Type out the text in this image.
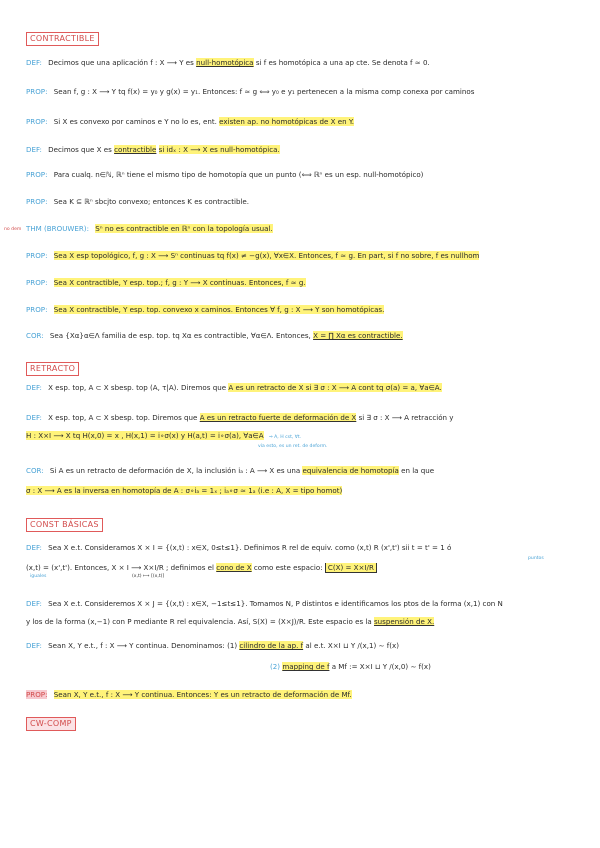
CONTRACTIBLE
DEF: Decimos que una aplicación f : X ⟶ Y es null-homotópica si f es homotópica a una ap cte. Se denota f ≃ 0.
PROP: Sean f, g : X ⟶ Y tq f(x) = y₀ y g(x) = y₁. Entonces: f ≃ g ⟺ y₀ e y₁ pertenecen a la misma comp conexa por caminos
PROP: Si X es convexo por caminos e Y no lo es, ent. existen ap. no homotópicas de X en Y.
DEF: Decimos que X es contractible si idₓ : X ⟶ X es null-homotópica.
PROP: Para cualq. n∈ℕ, ℝⁿ tiene el mismo tipo de homotopía que un punto (⟺ ℝⁿ es un esp. null-homotópico)
PROP: Sea K ⊆ ℝⁿ sbcjto convexo; entonces K es contractible.
no dem THM (BROUWER): Sⁿ no es contractible en ℝⁿ con la topología usual.
PROP: Sea X esp topológico, f, g : X ⟶ Sⁿ continuas tq f(x) ≠ −g(x), ∀x∈X. Entonces, f ≃ g. En part, si f no sobre, f es nullhom
PROP: Sea X contractible, Y esp. top.; f, g : Y ⟶ X continuas. Entonces, f ≃ g.
PROP: Sea X contractible, Y esp. top. convexo x caminos. Entonces ∀ f, g : X ⟶ Y son homotópicas.
COR: Sea {Xα}α∈Λ familia de esp. top. tq Xα es contractible, ∀α∈Λ. Entonces, X = ∏ Xα es contractible.
RETRACTO
DEF: X esp. top, A ⊂ X sbesp. top (A, τ|A). Diremos que A es un retracto de X si ∃ σ : X ⟶ A cont tq σ(a) = a, ∀a∈A.
DEF: X esp. top, A ⊂ X sbesp. top. Diremos que A es un retracto fuerte de deformación de X si ∃ σ : X ⟶ A retracción y
H : X×I ⟶ X tq H(x,0) = x , H(x,1) = i∘σ(x) y H(a,t) = i∘σ(a), ∀a∈A ⇒ A, H cst, ∀t.
vía esto, es un ret. de deform.
COR: Si A es un retracto de deformación de X, la inclusión iₐ : A ⟶ X es una equivalencia de homotopía en la que
σ : X ⟶ A es la inversa en homotopía de A : σ∘iₐ = 1ₓ ; iₐ∘σ ≃ 1ₐ (i.e : A, X = tipo homot)
CONST BÁSICAS
DEF: Sea X e.t. Consideramos X × I = {(x,t) : x∈X, 0≤t≤1}. Definimos R rel de equiv. como (x,t) R (x',t') sii t = t' = 1 ó
puntos
(x,t) = (x',t'). Entonces, X × I ⟶ X×I/R ; definimos el cono de X como este espacio: C(X) = X×I/R
iguales	(x,t) ⟼ [(x,t)]
DEF: Sea X e.t. Consideremos X × J = {(x,t) : x∈X, −1≤t≤1}. Tomamos N, P distintos e identificamos los ptos de la forma (x,1) con N
y los de la forma (x,−1) con P mediante R rel equivalencia. Así, S(X) = (X×J)/R. Este espacio es la suspensión de X.
DEF: Sean X, Y e.t., f : X ⟶ Y continua. Denominamos: (1) cilindro de la ap. f al e.t. X×I ⊔ Y /(x,1) ∼ f(x)
(2) mapping de f a Mf := X×I ⊔ Y /(x,0) ∼ f(x)
PROP: Sean X, Y e.t., f : X ⟶ Y continua. Entonces: Y es un retracto de deformación de Mf.
CW-COMP
